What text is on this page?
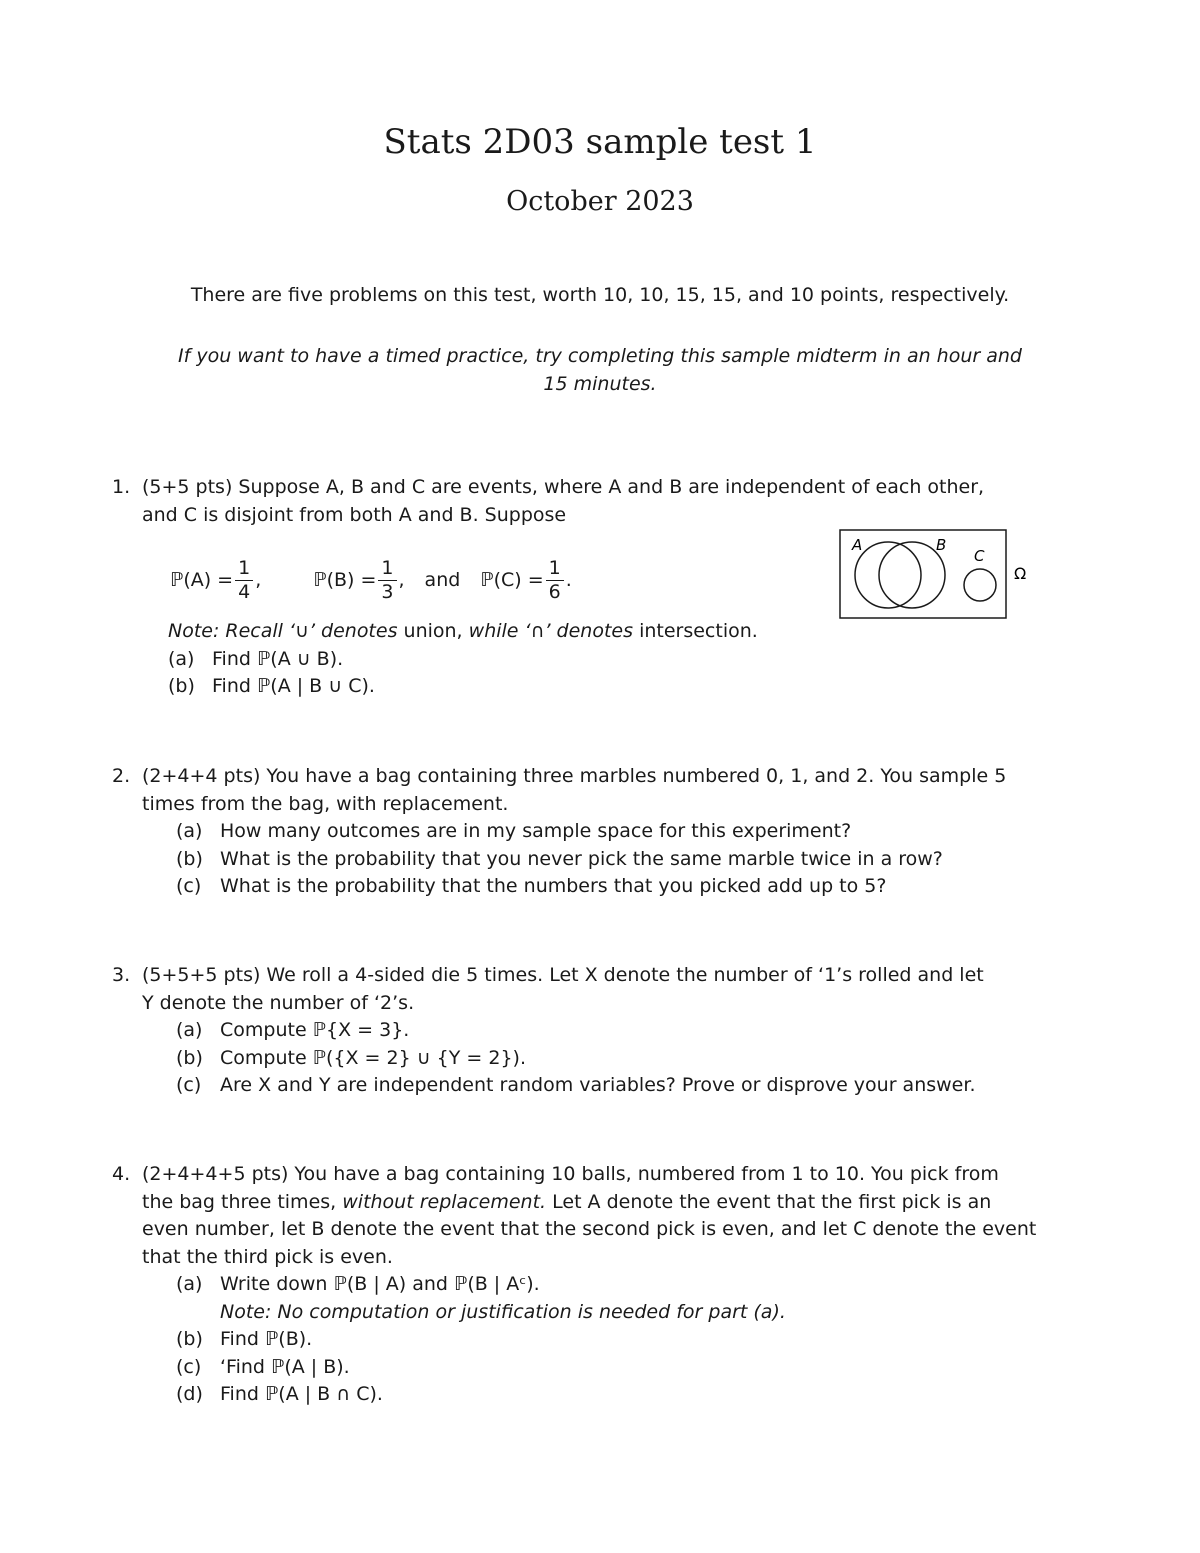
Stats 2D03 sample test 1
October 2023
There are five problems on this test, worth 10, 10, 15, 15, and 10 points, respectively.
If you want to have a timed practice, try completing this sample midterm in an hour and
15 minutes.
1. (5+5 pts) Suppose A, B and C are events, where A and B are independent of each other,
and C is disjoint from both A and B. Suppose
ℙ(A) = $\frac{1}{4}$ ,	ℙ(B) = $\frac{1}{3}$ , and ℙ(C) = $\frac{1}{6}$ .
Note: Recall ‘∪’ denotes union, while ‘∩’ denotes intersection.
(a) Find ℙ(A ∪ B).
(b) Find ℙ(A | B ∪ C).
A	B
C
Ω
2. (2+4+4 pts) You have a bag containing three marbles numbered 0, 1, and 2. You sample 5
times from the bag, with replacement.
(a) How many outcomes are in my sample space for this experiment?
(b) What is the probability that you never pick the same marble twice in a row?
(c) What is the probability that the numbers that you picked add up to 5?
3. (5+5+5 pts) We roll a 4-sided die 5 times. Let X denote the number of ‘1’s rolled and let
Y denote the number of ‘2’s.
(a) Compute ℙ{X = 3}.
(b) Compute ℙ({X = 2} ∪ {Y = 2}).
(c) Are X and Y are independent random variables? Prove or disprove your answer.
4. (2+4+4+5 pts) You have a bag containing 10 balls, numbered from 1 to 10. You pick from
the bag three times, without replacement. Let A denote the event that the first pick is an
even number, let B denote the event that the second pick is even, and let C denote the event
that the third pick is even.
(a) Write down ℙ(B | A) and ℙ(B | Aᶜ).
Note: No computation or justification is needed for part (a).
(b) Find ℙ(B).
(c) ‘Find ℙ(A | B).
(d) Find ℙ(A | B ∩ C).
